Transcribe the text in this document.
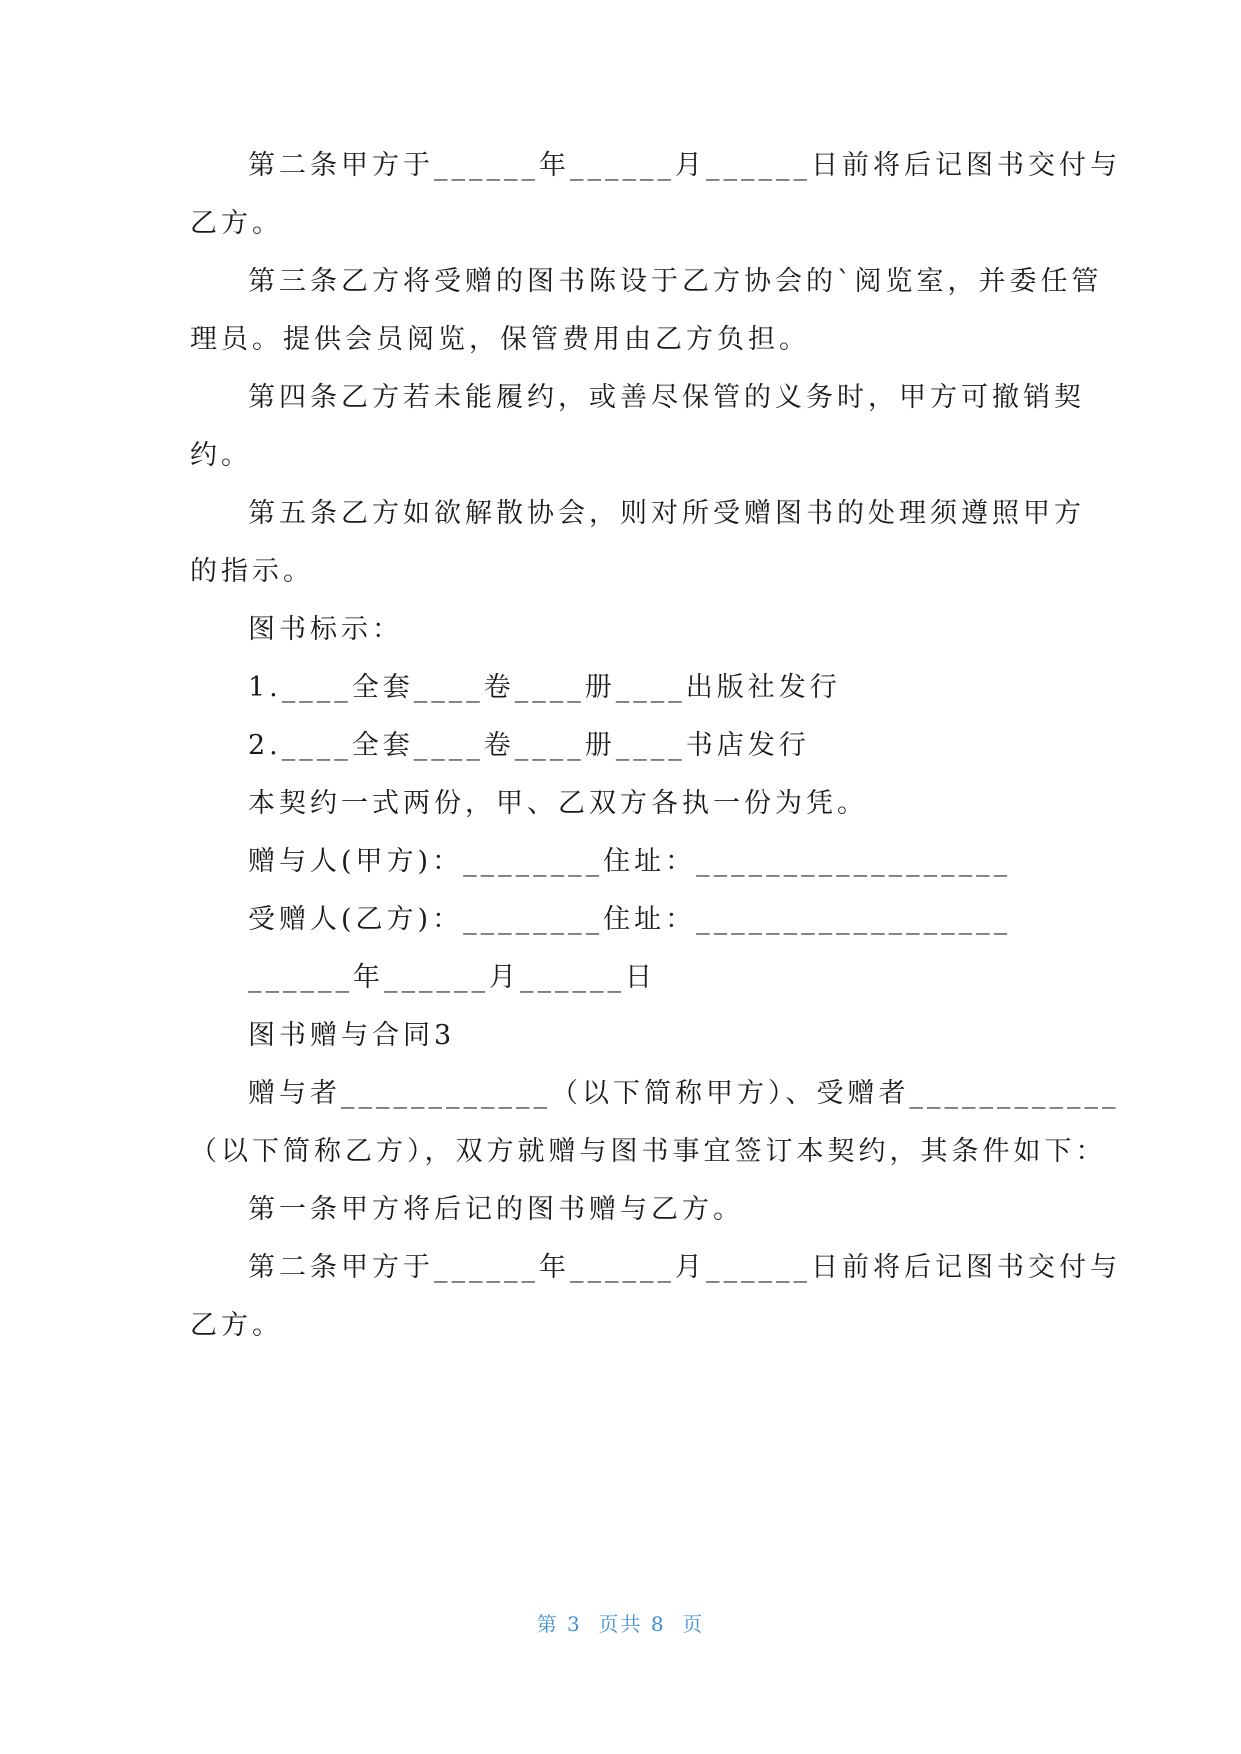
第二条甲方于______年______月______日前将后记图书交付与
乙方。
第三条乙方将受赠的图书陈设于乙方协会的`阅览室，并委任管
理员。提供会员阅览，保管费用由乙方负担。
第四条乙方若未能履约，或善尽保管的义务时，甲方可撤销契
约。
第五条乙方如欲解散协会，则对所受赠图书的处理须遵照甲方
的指示。
图书标示：
1.____全套____卷____册____出版社发行
2.____全套____卷____册____书店发行
本契约一式两份，甲、乙双方各执一份为凭。
赠与人(甲方)：________住址：__________________
受赠人(乙方)：________住址：__________________
______年______月______日
图书赠与合同3
赠与者____________（以下简称甲方）、受赠者____________
（以下简称乙方），双方就赠与图书事宜签订本契约，其条件如下：
第一条甲方将后记的图书赠与乙方。
第二条甲方于______年______月______日前将后记图书交付与
乙方。
第 3  页共 8  页
